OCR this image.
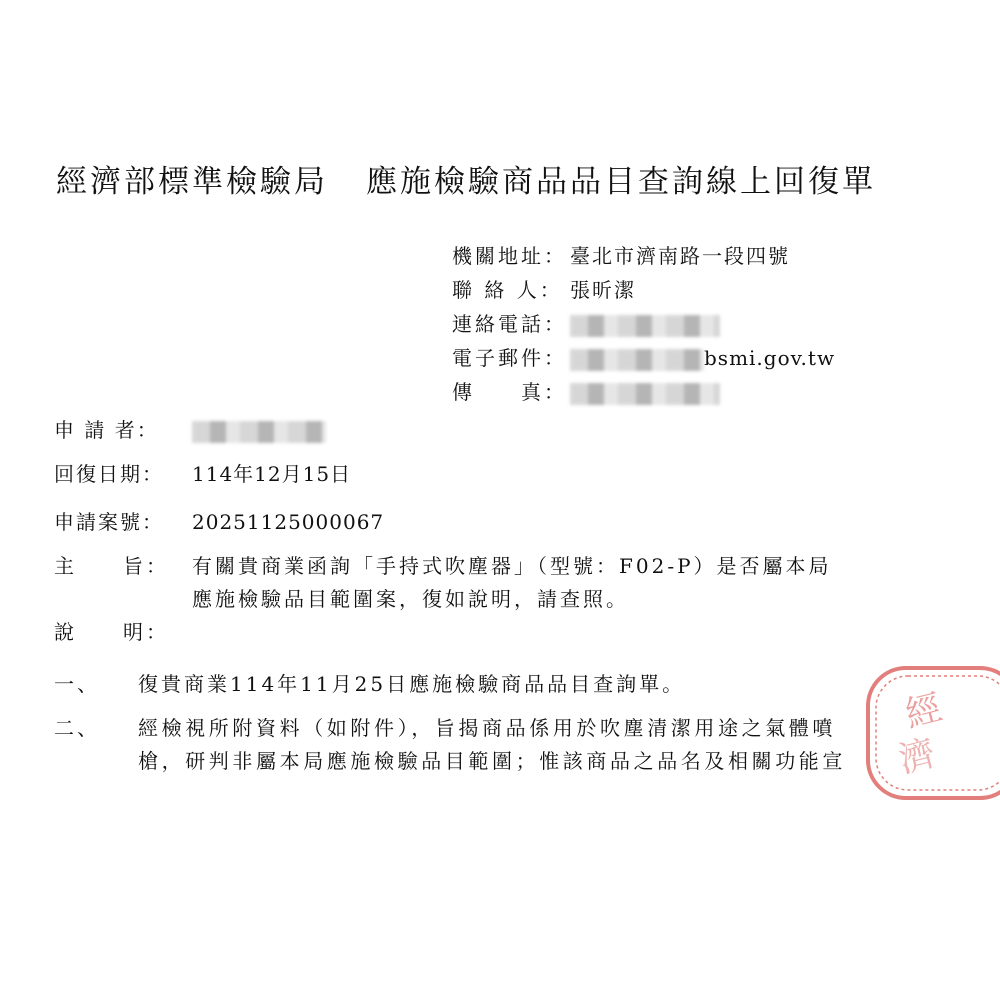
經濟部標準檢驗局 應施檢驗商品品目查詢線上回復單
機關地址： 臺北市濟南路一段四號
聯 絡 人： 張昕潔
連絡電話：
電子郵件：	bsmi.gov.tw
傳　　真：
申 請 者：
回復日期： 114年12月15日
申請案號： 20251125000067
主　　旨： 有關貴商業函詢「手持式吹塵器」（型號：F02-P）是否屬本局
應施檢驗品目範圍案，復如說明，請查照。
說　　明：
一、 復貴商業114年11月25日應施檢驗商品品目查詢單。
二、 經檢視所附資料（如附件），旨揭商品係用於吹塵清潔用途之氣體噴
槍，研判非屬本局應施檢驗品目範圍；惟該商品之品名及相關功能宣
經
濟
